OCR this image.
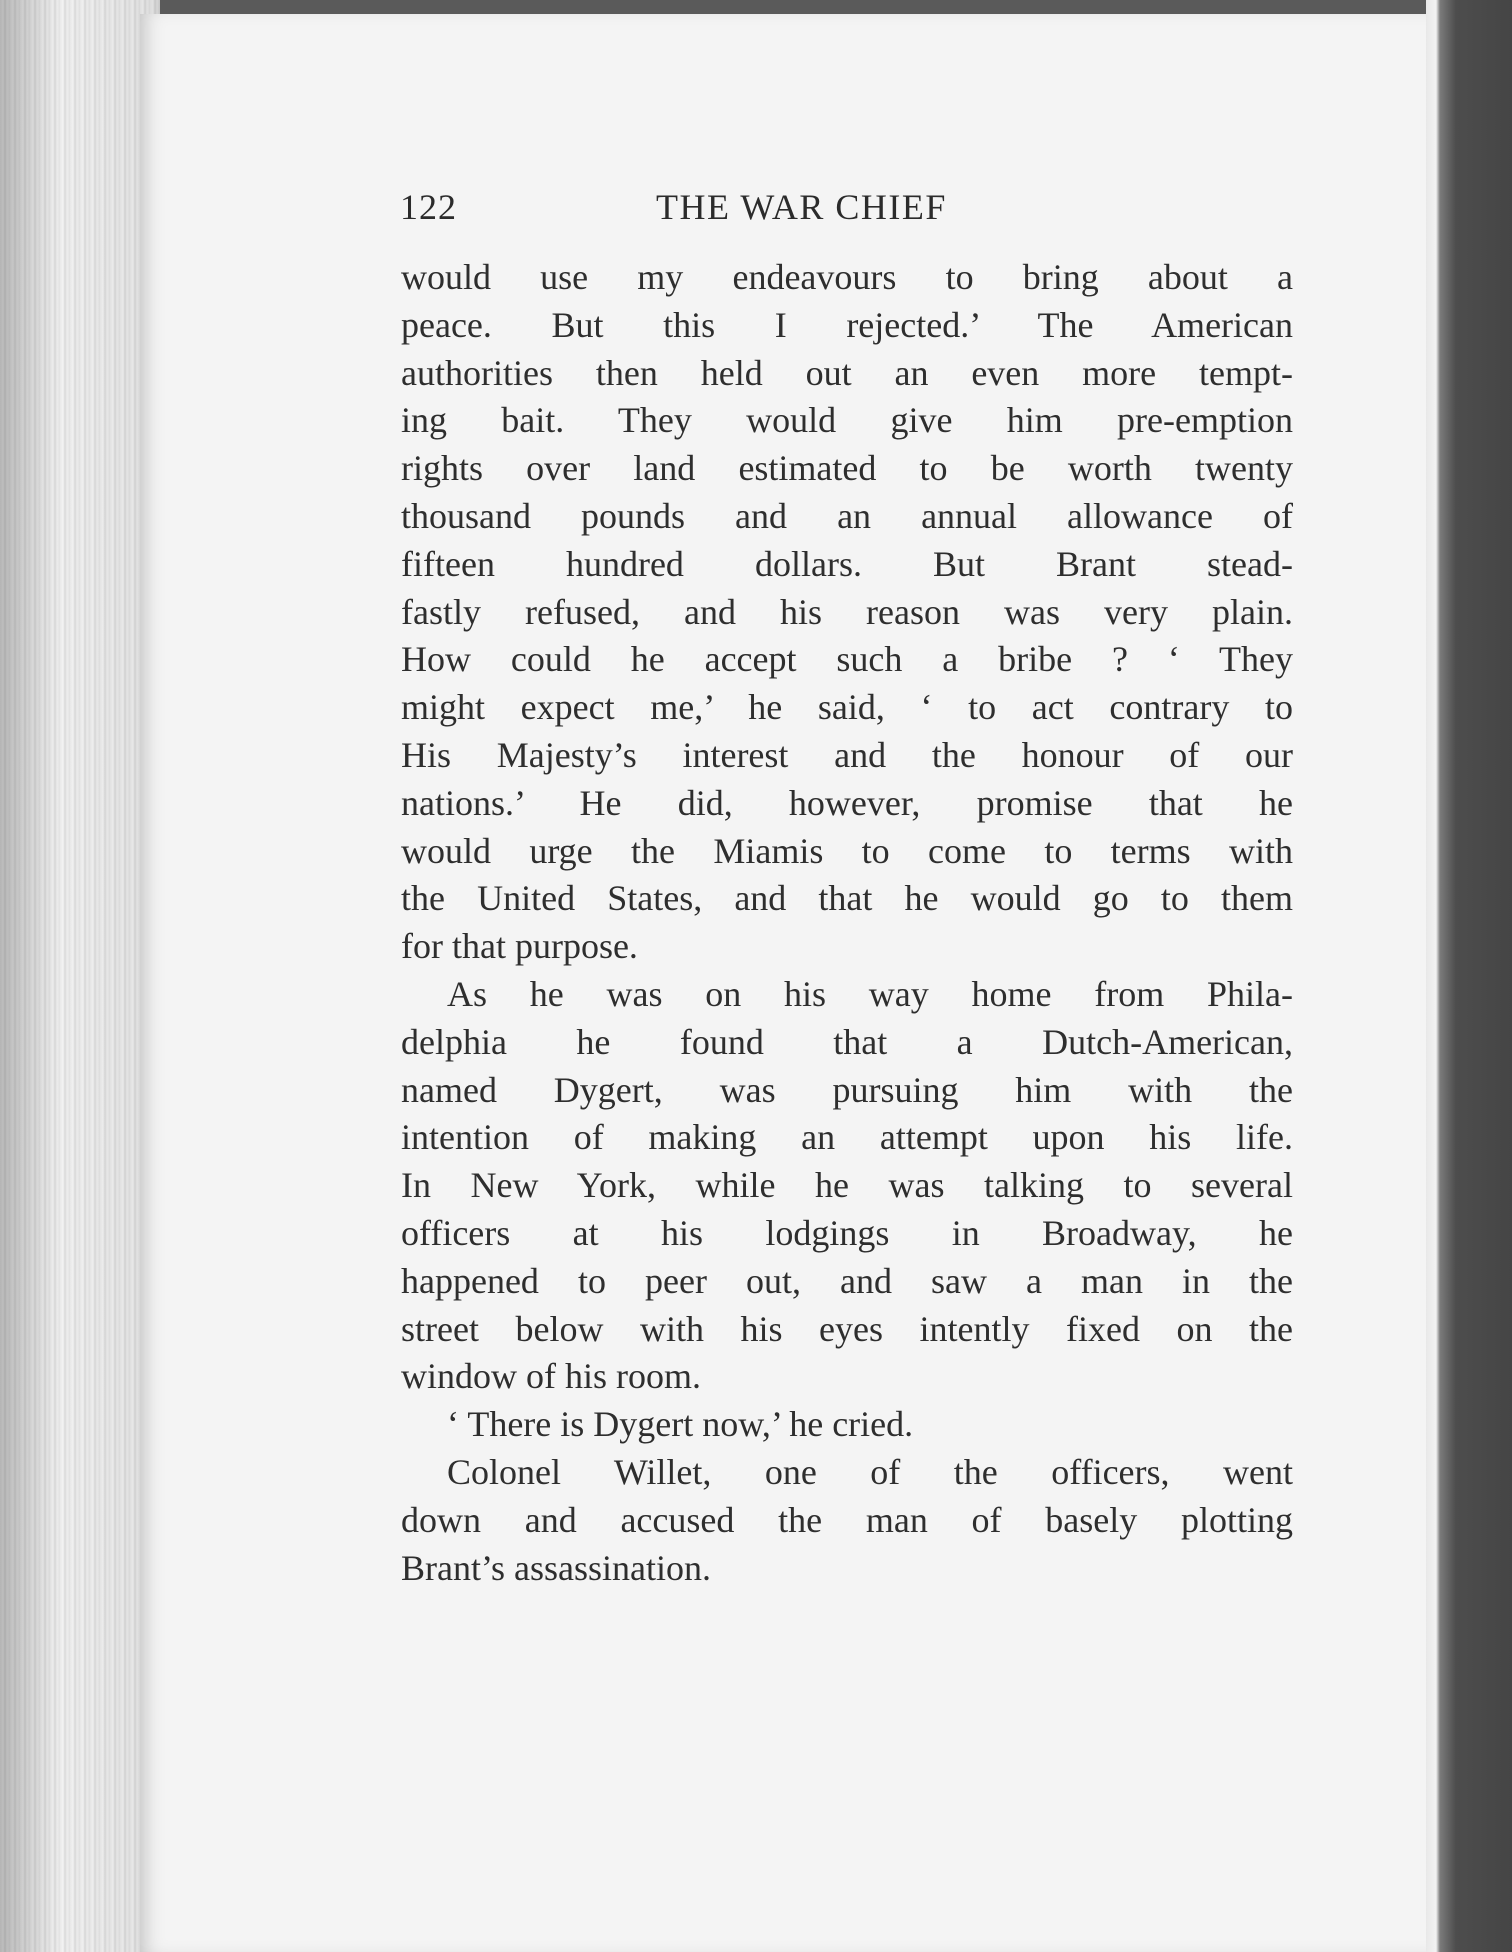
122	THE WAR CHIEF
would use my endeavours to bring about a
peace. But this I rejected.’ The American
authorities then held out an even more tempt-
ing bait. They would give him pre-emption
rights over land estimated to be worth twenty
thousand pounds and an annual allowance of
fifteen hundred dollars. But Brant stead-
fastly refused, and his reason was very plain.
How could he accept such a bribe ? ‘ They
might expect me,’ he said, ‘ to act contrary to
His Majesty’s interest and the honour of our
nations.’ He did, however, promise that he
would urge the Miamis to come to terms with
the United States, and that he would go to them
for that purpose.
As he was on his way home from Phila-
delphia he found that a Dutch-American,
named Dygert, was pursuing him with the
intention of making an attempt upon his life.
In New York, while he was talking to several
officers at his lodgings in Broadway, he
happened to peer out, and saw a man in the
street below with his eyes intently fixed on the
window of his room.
‘ There is Dygert now,’ he cried.
Colonel Willet, one of the officers, went
down and accused the man of basely plotting
Brant’s assassination.
